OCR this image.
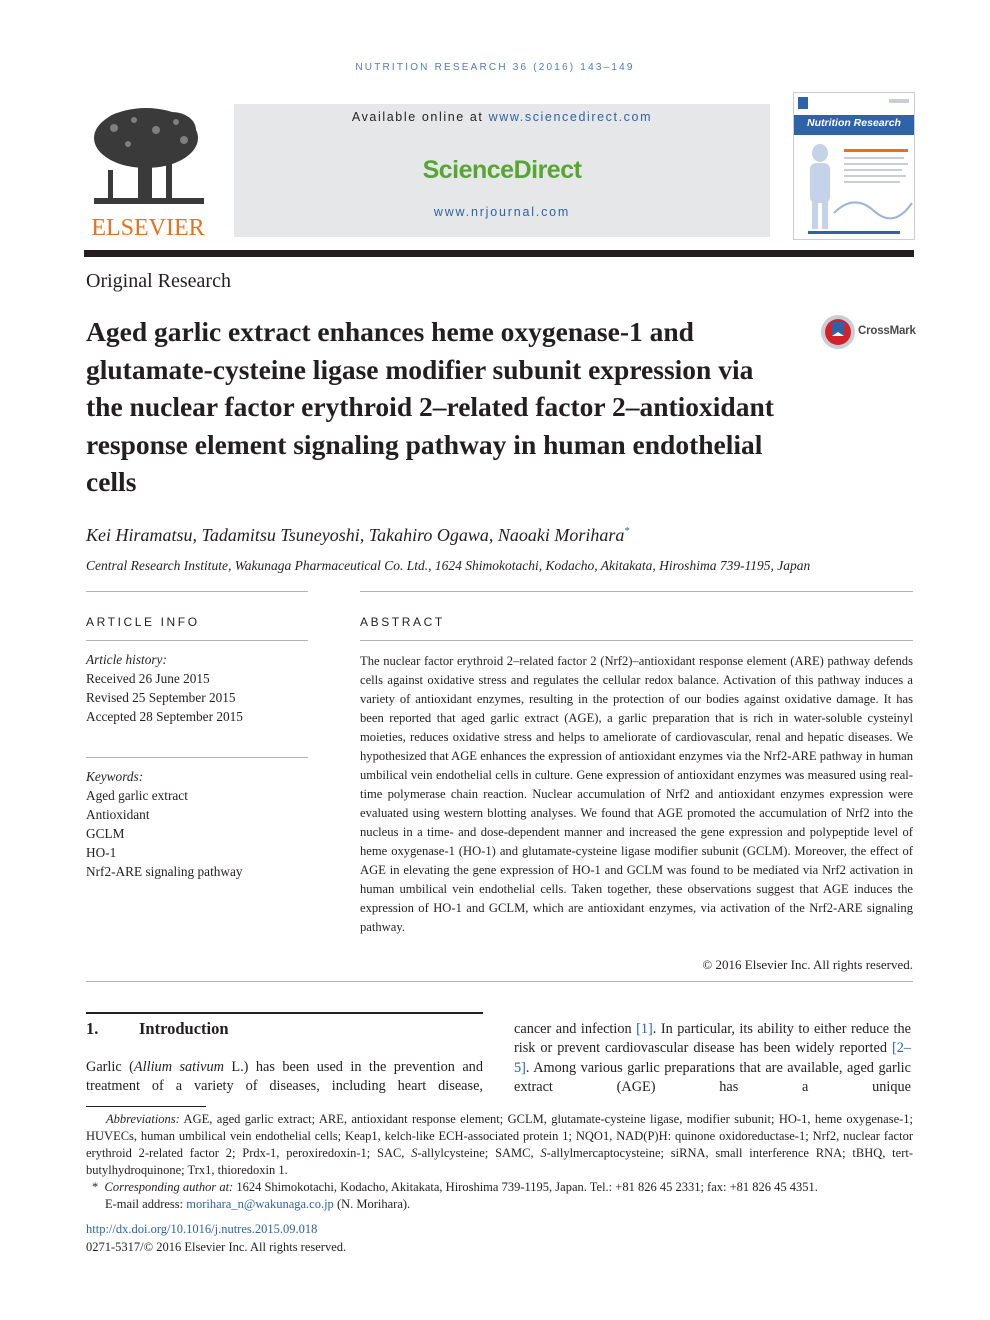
NUTRITION RESEARCH 36 (2016) 143–149
ELSEVIER
Available online at www.sciencedirect.com
ScienceDirect
www.nrjournal.com
Nutrition Research
Original Research
Aged garlic extract enhances heme oxygenase-1 and glutamate-cysteine ligase modifier subunit expression via the nuclear factor erythroid 2–related factor 2–antioxidant response element signaling pathway in human endothelial cells
CrossMark
Kei Hiramatsu, Tadamitsu Tsuneyoshi, Takahiro Ogawa, Naoaki Morihara*
Central Research Institute, Wakunaga Pharmaceutical Co. Ltd., 1624 Shimokotachi, Kodacho, Akitakata, Hiroshima 739-1195, Japan
ARTICLE INFO
Article history:
Received 26 June 2015
Revised 25 September 2015
Accepted 28 September 2015
Keywords:
Aged garlic extract
Antioxidant
GCLM
HO-1
Nrf2-ARE signaling pathway
ABSTRACT
The nuclear factor erythroid 2–related factor 2 (Nrf2)–antioxidant response element (ARE) pathway defends cells against oxidative stress and regulates the cellular redox balance. Activation of this pathway induces a variety of antioxidant enzymes, resulting in the protection of our bodies against oxidative damage. It has been reported that aged garlic extract (AGE), a garlic preparation that is rich in water-soluble cysteinyl moieties, reduces oxidative stress and helps to ameliorate of cardiovascular, renal and hepatic diseases. We hypothesized that AGE enhances the expression of antioxidant enzymes via the Nrf2-ARE pathway in human umbilical vein endothelial cells in culture. Gene expression of antioxidant enzymes was measured using real-time polymerase chain reaction. Nuclear accumulation of Nrf2 and antioxidant enzymes expression were evaluated using western blotting analyses. We found that AGE promoted the accumulation of Nrf2 into the nucleus in a time- and dose-dependent manner and increased the gene expression and polypeptide level of heme oxygenase-1 (HO-1) and glutamate-cysteine ligase modifier subunit (GCLM). Moreover, the effect of AGE in elevating the gene expression of HO-1 and GCLM was found to be mediated via Nrf2 activation in human umbilical vein endothelial cells. Taken together, these observations suggest that AGE induces the expression of HO-1 and GCLM, which are antioxidant enzymes, via activation of the Nrf2-ARE signaling pathway.
© 2016 Elsevier Inc. All rights reserved.
1. Introduction
Garlic (Allium sativum L.) has been used in the prevention and treatment of a variety of diseases, including heart disease,
cancer and infection [1]. In particular, its ability to either reduce the risk or prevent cardiovascular disease has been widely reported [2–5]. Among various garlic preparations that are available, aged garlic extract (AGE) has a unique
Abbreviations: AGE, aged garlic extract; ARE, antioxidant response element; GCLM, glutamate-cysteine ligase, modifier subunit; HO-1, heme oxygenase-1; HUVECs, human umbilical vein endothelial cells; Keap1, kelch-like ECH-associated protein 1; NQO1, NAD(P)H: quinone oxidoreductase-1; Nrf2, nuclear factor erythroid 2-related factor 2; Prdx-1, peroxiredoxin-1; SAC, S-allylcysteine; SAMC, S-allylmercaptocysteine; siRNA, small interference RNA; tBHQ, tert-butylhydroquinone; Trx1, thioredoxin 1.
* Corresponding author at: 1624 Shimokotachi, Kodacho, Akitakata, Hiroshima 739-1195, Japan. Tel.: +81 826 45 2331; fax: +81 826 45 4351.
E-mail address: morihara_n@wakunaga.co.jp (N. Morihara).
http://dx.doi.org/10.1016/j.nutres.2015.09.018
0271-5317/© 2016 Elsevier Inc. All rights reserved.
